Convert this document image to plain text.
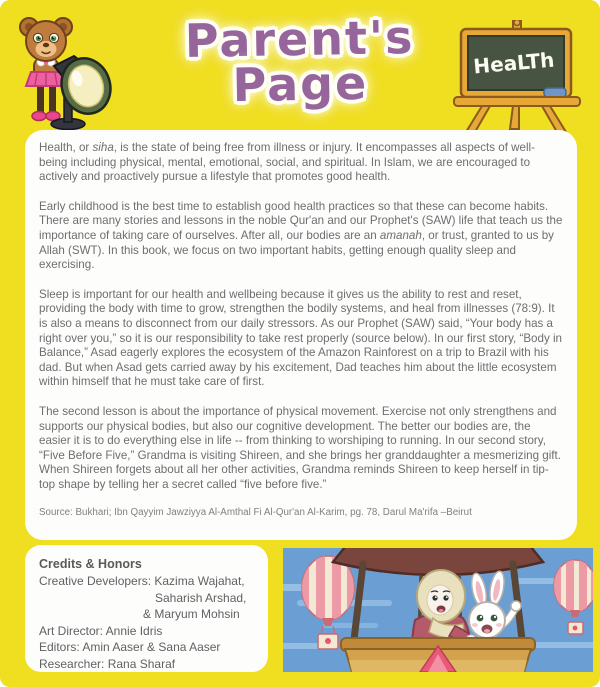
Parent's
Page	HeaLTh

Health, or siha, is the state of being free from illness or injury. It encompasses all aspects of well-being including physical, mental, emotional, social, and spiritual. In Islam, we are encouraged to actively and proactively pursue a lifestyle that promotes good health.

Early childhood is the best time to establish good health practices so that these can become habits. There are many stories and lessons in the noble Qur'an and our Prophet's (SAW) life that teach us the importance of taking care of ourselves. After all, our bodies are an amanah, or trust, granted to us by Allah (SWT). In this book, we focus on two important habits, getting enough quality sleep and exercising.

Sleep is important for our health and wellbeing because it gives us the ability to rest and reset, providing the body with time to grow, strengthen the bodily systems, and heal from illnesses (78:9). It is also a means to disconnect from our daily stressors. As our Prophet (SAW) said, “Your body has a right over you,” so it is our responsibility to take rest properly (source below). In our first story, “Body in Balance,” Asad eagerly explores the ecosystem of the Amazon Rainforest on a trip to Brazil with his dad. But when Asad gets carried away by his excitement, Dad teaches him about the little ecosystem within himself that he must take care of first.

The second lesson is about the importance of physical movement. Exercise not only strengthens and supports our physical bodies, but also our cognitive development. The better our bodies are, the easier it is to do everything else in life -- from thinking to worshiping to running. In our second story, “Five Before Five,” Grandma is visiting Shireen, and she brings her granddaughter a mesmerizing gift. When Shireen forgets about all her other activities, Grandma reminds Shireen to keep herself in tip-top shape by telling her a secret called “five before five.”

Source: Bukhari; Ibn Qayyim Jawziyya Al-Amthal Fi Al-Qur'an Al-Karim, pg. 78, Darul Ma'rifa –Beirut
Credits & Honors
Creative Developers: Kazima Wajahat,
Saharish Arshad,
& Maryum Mohsin
Art Director: Annie Idris
Editors: Amin Aaser & Sana Aaser
Researcher: Rana Sharaf
